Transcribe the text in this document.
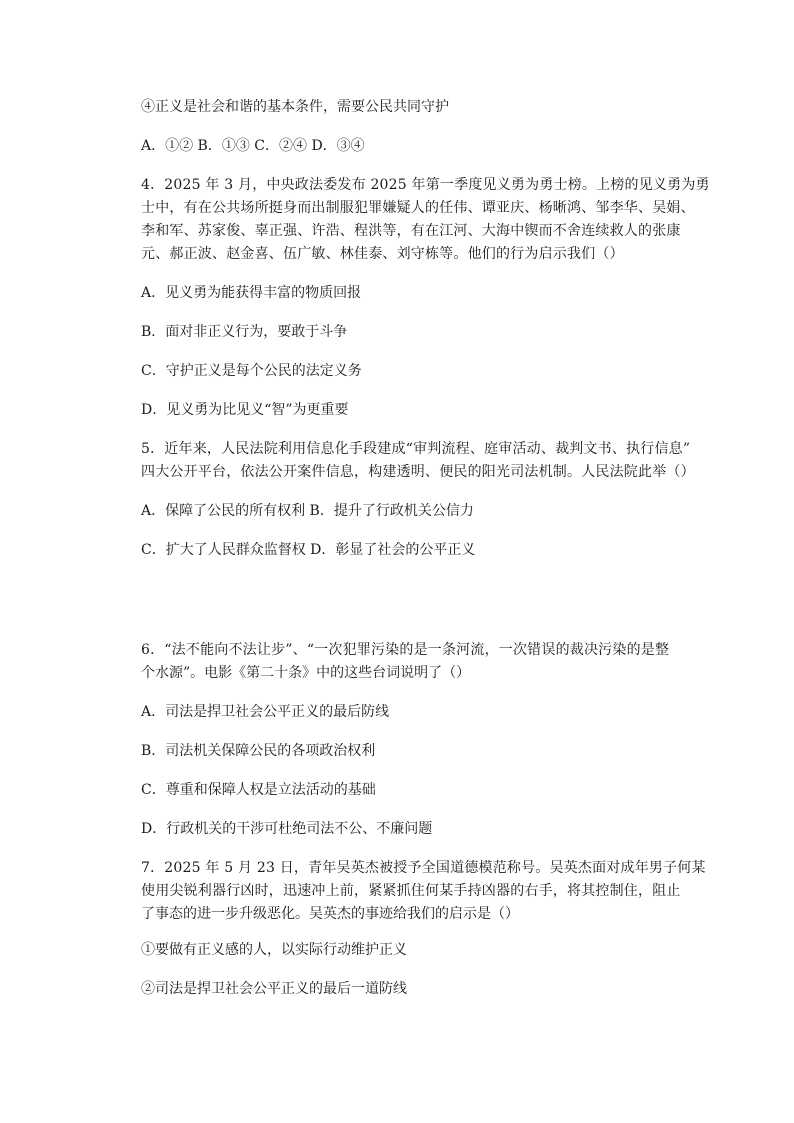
④正义是社会和谐的基本条件，需要公民共同守护

A．①② B．①③ C．②④ D．③④

4．2025 年 3 月，中央政法委发布 2025 年第一季度见义勇为勇士榜。上榜的见义勇为勇

士中，有在公共场所挺身而出制服犯罪嫌疑人的任伟、谭亚庆、杨晰鸿、邹李华、吴娟、

李和军、苏家俊、辜正强、许浩、程洪等，有在江河、大海中锲而不舍连续救人的张康

元、郝正波、赵金喜、伍广敏、林佳泰、刘守栋等。他们的行为启示我们（）

A．见义勇为能获得丰富的物质回报

B．面对非正义行为，要敢于斗争

C．守护正义是每个公民的法定义务

D．见义勇为比见义“智”为更重要

5．近年来，人民法院利用信息化手段建成“审判流程、庭审活动、裁判文书、执行信息”

四大公开平台，依法公开案件信息，构建透明、便民的阳光司法机制。人民法院此举（）

A．保障了公民的所有权利 B．提升了行政机关公信力

C．扩大了人民群众监督权 D．彰显了社会的公平正义

6．“法不能向不法让步”、“一次犯罪污染的是一条河流，一次错误的裁决污染的是整

个水源”。电影《第二十条》中的这些台词说明了（）

A．司法是捍卫社会公平正义的最后防线

B．司法机关保障公民的各项政治权利

C．尊重和保障人权是立法活动的基础

D．行政机关的干涉可杜绝司法不公、不廉问题

7．2025 年 5 月 23 日，青年吴英杰被授予全国道德模范称号。吴英杰面对成年男子何某

使用尖锐利器行凶时，迅速冲上前，紧紧抓住何某手持凶器的右手，将其控制住，阻止

了事态的进一步升级恶化。吴英杰的事迹给我们的启示是（）

①要做有正义感的人，以实际行动维护正义

②司法是捍卫社会公平正义的最后一道防线
